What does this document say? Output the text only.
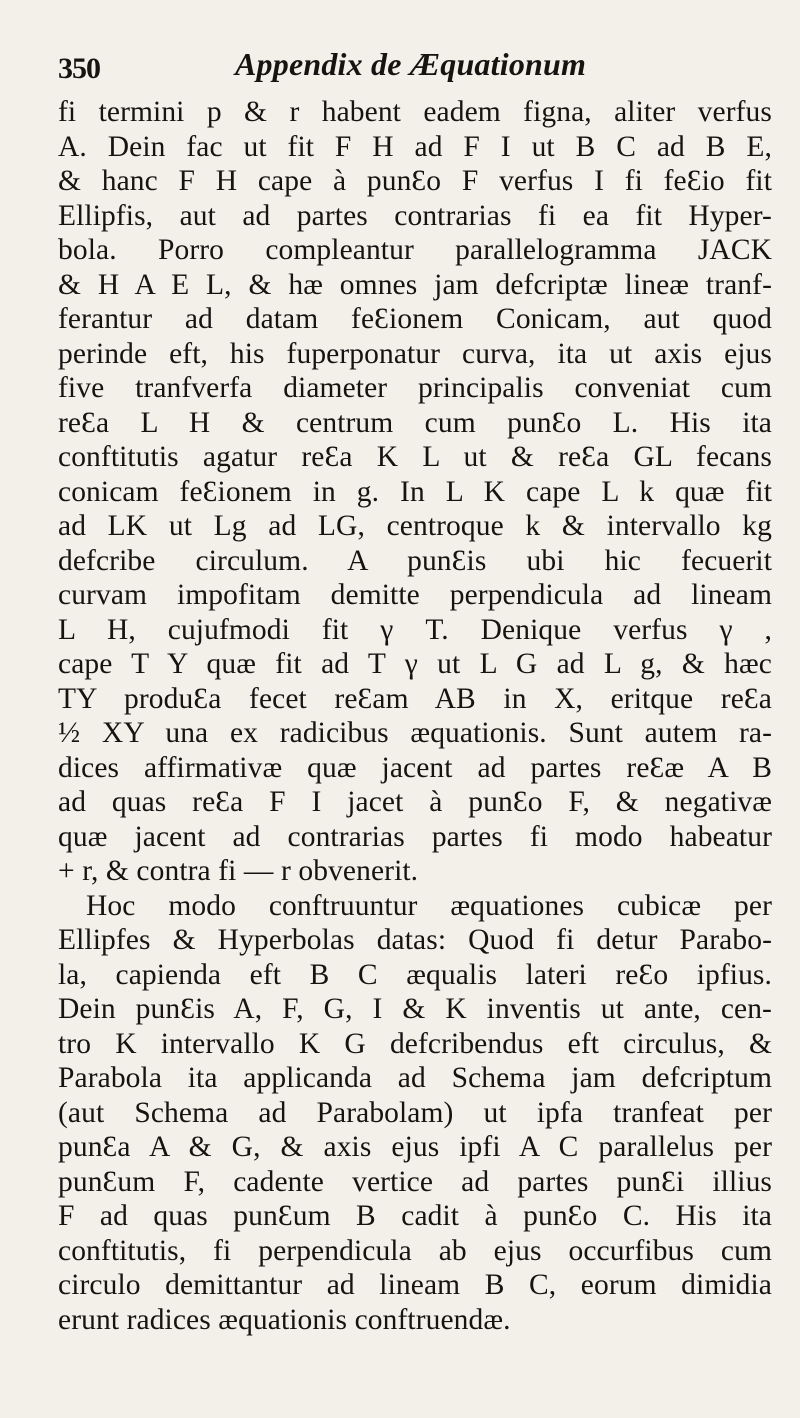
350	Appendix de Æquationum
fi termini p & r habent eadem figna, aliter verfus
A. Dein fac ut fit F H ad F I ut B C ad B E,
& hanc F H cape à punƐo F verfus I fi feƐio fit
Ellipfis, aut ad partes contrarias fi ea fit Hyper-
bola. Porro compleantur parallelogramma JACK
& H A E L, & hæ omnes jam defcriptæ lineæ tranf-
ferantur ad datam feƐionem Conicam, aut quod
perinde eft, his fuperponatur curva, ita ut axis ejus
five tranfverfa diameter principalis conveniat cum
reƐa L H & centrum cum punƐo L. His ita
conftitutis agatur reƐa K L ut & reƐa GL fecans
conicam feƐionem in g. In L K cape L k quæ fit
ad LK ut Lg ad LG, centroque k & intervallo kg
defcribe circulum. A punƐis ubi hic fecuerit
curvam impofitam demitte perpendicula ad lineam
L H, cujufmodi fit γ T. Denique verfus γ ,
cape T Y quæ fit ad T γ ut L G ad L g, & hæc
TY produƐa fecet reƐam AB in X, eritque reƐa
½ XY una ex radicibus æquationis. Sunt autem ra-
dices affirmativæ quæ jacent ad partes reƐæ A B
ad quas reƐa F I jacet à punƐo F, & negativæ
quæ jacent ad contrarias partes fi modo habeatur
+ r, & contra fi — r obvenerit.
Hoc modo conftruuntur æquationes cubicæ per
Ellipfes & Hyperbolas datas: Quod fi detur Parabo-
la, capienda eft B C æqualis lateri reƐo ipfius.
Dein punƐis A, F, G, I & K inventis ut ante, cen-
tro K intervallo K G defcribendus eft circulus, &
Parabola ita applicanda ad Schema jam defcriptum
(aut Schema ad Parabolam) ut ipfa tranfeat per
punƐa A & G, & axis ejus ipfi A C parallelus per
punƐum F, cadente vertice ad partes punƐi illius
F ad quas punƐum B cadit à punƐo C. His ita
conftitutis, fi perpendicula ab ejus occurfibus cum
circulo demittantur ad lineam B C, eorum dimidia
erunt radices æquationis conftruendæ.
